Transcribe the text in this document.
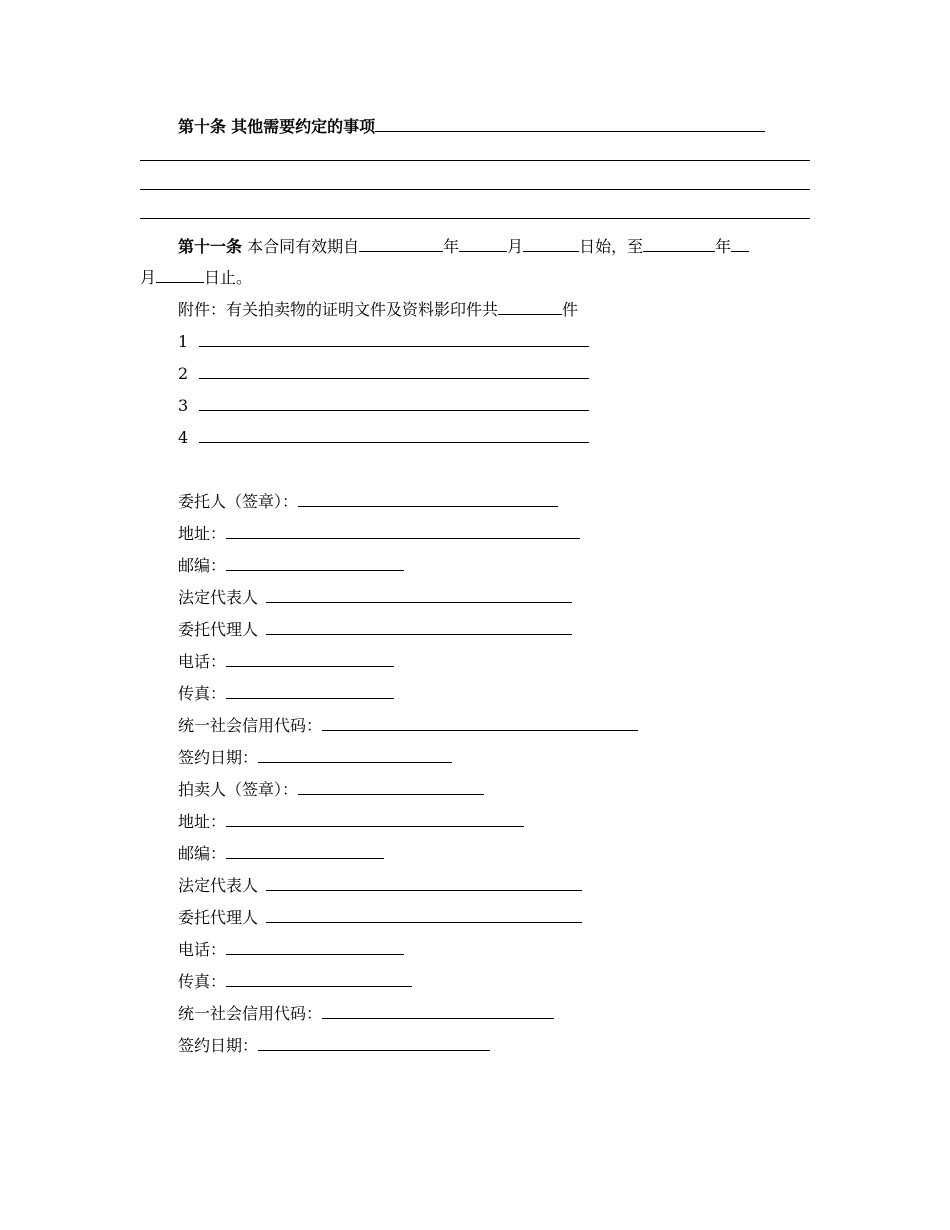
第十条 其他需要约定的事项
第十一条 本合同有效期自	年	月	日始，至	年
月	日止。
附件：有关拍卖物的证明文件及资料影印件共	件
1
2
3
4
委托人（签章）：
地址：
邮编：
法定代表人
委托代理人
电话：
传真：
统一社会信用代码：
签约日期：
拍卖人（签章）：
地址：
邮编：
法定代表人
委托代理人
电话：
传真：
统一社会信用代码：
签约日期：
